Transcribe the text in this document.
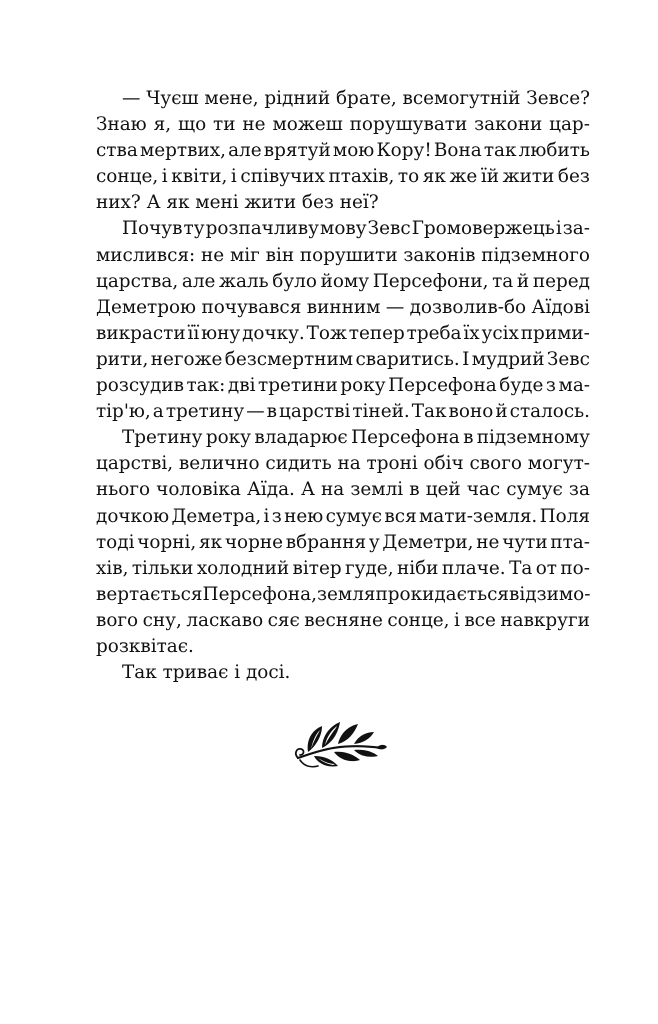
— Чуєш мене, рідний брате, всемогутній Зевсе?
Знаю я, що ти не можеш порушувати закони цар-
ства мертвих, але врятуй мою Кору! Вона так любить
сонце, і квіти, і співучих птахів, то як же їй жити без
них? А як мені жити без неї?
Почув ту розпачливу мову Зевс Громовержець і за-
мислився: не міг він порушити законів підземного
царства, але жаль було йому Персефони, та й перед
Деметрою почувався винним — дозволив-бо Аїдові
викрасти її юну дочку. Тож тепер треба їх усіх прими-
рити, негоже безсмертним сваритись. І мудрий Зевс
розсудив так: дві третини року Персефона буде з ма-
тір'ю, а третину — в царстві тіней. Так воно й сталось.
Третину року владарює Персефона в підземному
царстві, велично сидить на троні обіч свого могут-
нього чоловіка Аїда. А на землі в цей час сумує за
дочкою Деметра, і з нею сумує вся мати-земля. Поля
тоді чорні, як чорне вбрання у Деметри, не чути пта-
хів, тільки холодний вітер гуде, ніби плаче. Та от по-
вертається Персефона, земля прокидається від зимо-
вого сну, ласкаво сяє весняне сонце, і все навкруги
розквітає.
Так триває і досі.
